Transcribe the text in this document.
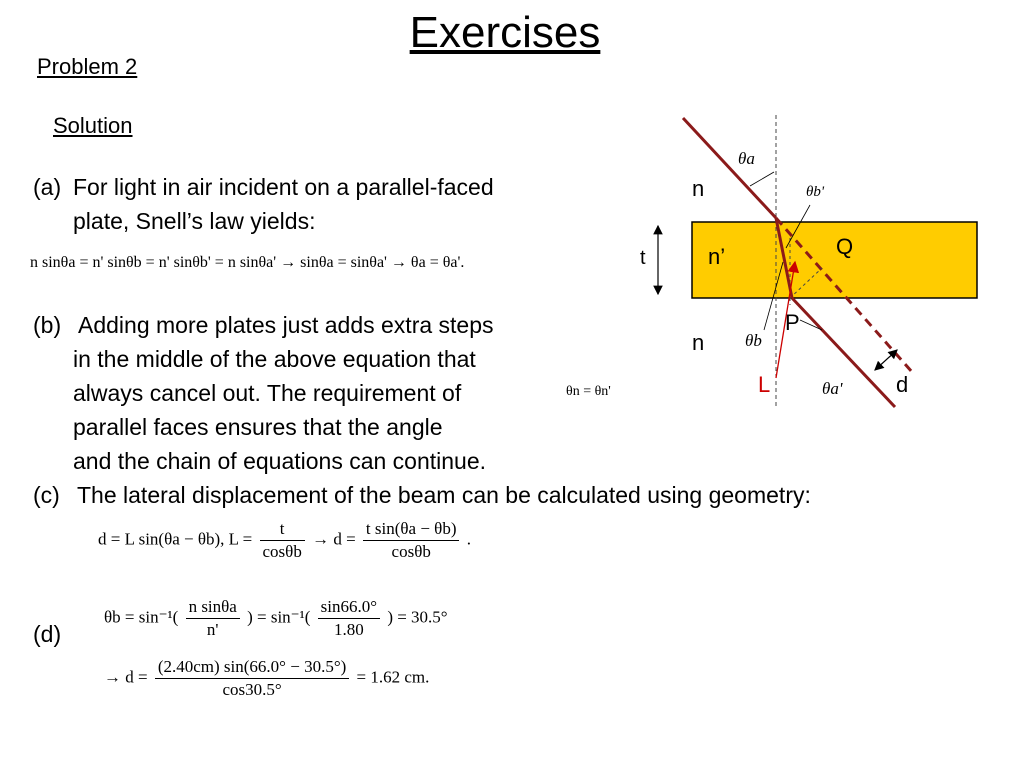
Exercises
Problem 2
Solution
(a) For light in air incident on a parallel-faced
plate, Snell’s law yields:
n sinθa = n' sinθb = n' sinθb' = n sinθa' → sinθa = sinθa' → θa = θa'.
(b) Adding more plates just adds extra steps
in the middle of the above equation that
always cancel out. The requirement of	θn = θn'
parallel faces ensures that the angle
and the chain of equations can continue.
(c) The lateral displacement of the beam can be calculated using geometry:
d = L sin(θa − θb), $L = \frac{t}{\cos\theta b} \to d = \frac{\text{t sin(θa − θb)}}{\cos\theta b}$ .
(d)
$\theta b = \sin^{-1}( \frac{\text{n sinθa}}{n'}$ ) = $\sin^{-1}( \frac{\sin 66.0^\circ}{1.80}$ ) = 30.5°
→ $d = \frac{(2.40cm) \sin(66.0^\circ - 30.5^\circ)}{\cos 30.5^\circ} = 1.62$ cm.
n
n
t	n’	Q
P
L	d
θa
θb'
θb
θa'
